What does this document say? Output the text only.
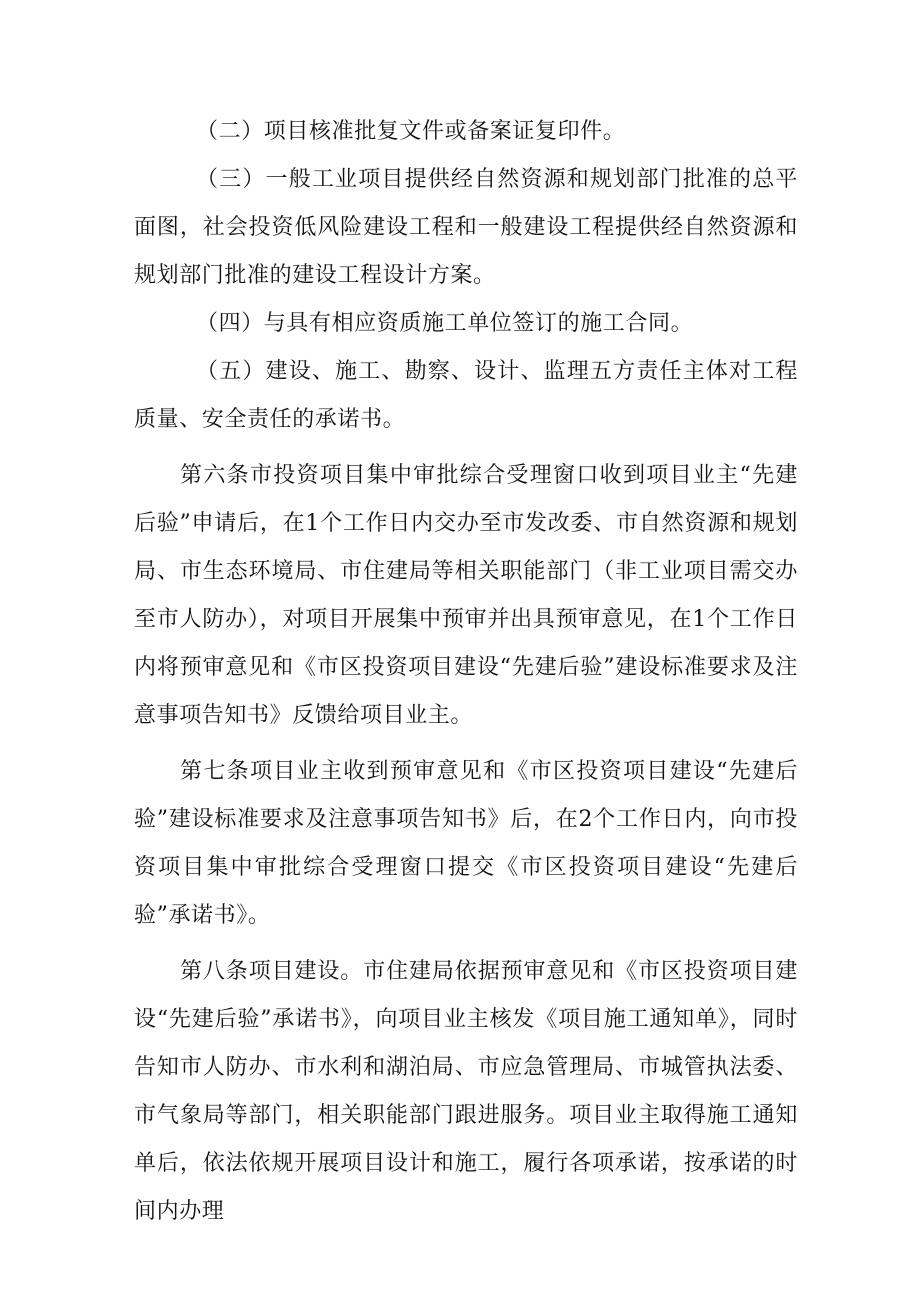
（二）项目核准批复文件或备案证复印件。

（三）一般工业项目提供经自然资源和规划部门批准的总平面图，社会投资低风险建设工程和一般建设工程提供经自然资源和规划部门批准的建设工程设计方案。

（四）与具有相应资质施工单位签订的施工合同。

（五）建设、施工、勘察、设计、监理五方责任主体对工程质量、安全责任的承诺书。

第六条市投资项目集中审批综合受理窗口收到项目业主“先建后验”申请后，在1个工作日内交办至市发改委、市自然资源和规划局、市生态环境局、市住建局等相关职能部门（非工业项目需交办至市人防办），对项目开展集中预审并出具预审意见，在1个工作日内将预审意见和《市区投资项目建设“先建后验”建设标准要求及注意事项告知书》反馈给项目业主。

第七条项目业主收到预审意见和《市区投资项目建设“先建后验”建设标准要求及注意事项告知书》后，在2个工作日内，向市投资项目集中审批综合受理窗口提交《市区投资项目建设“先建后验”承诺书》。

第八条项目建设。市住建局依据预审意见和《市区投资项目建设“先建后验”承诺书》，向项目业主核发《项目施工通知单》，同时告知市人防办、市水利和湖泊局、市应急管理局、市城管执法委、市气象局等部门，相关职能部门跟进服务。项目业主取得施工通知单后，依法依规开展项目设计和施工，履行各项承诺，按承诺的时间内办理
